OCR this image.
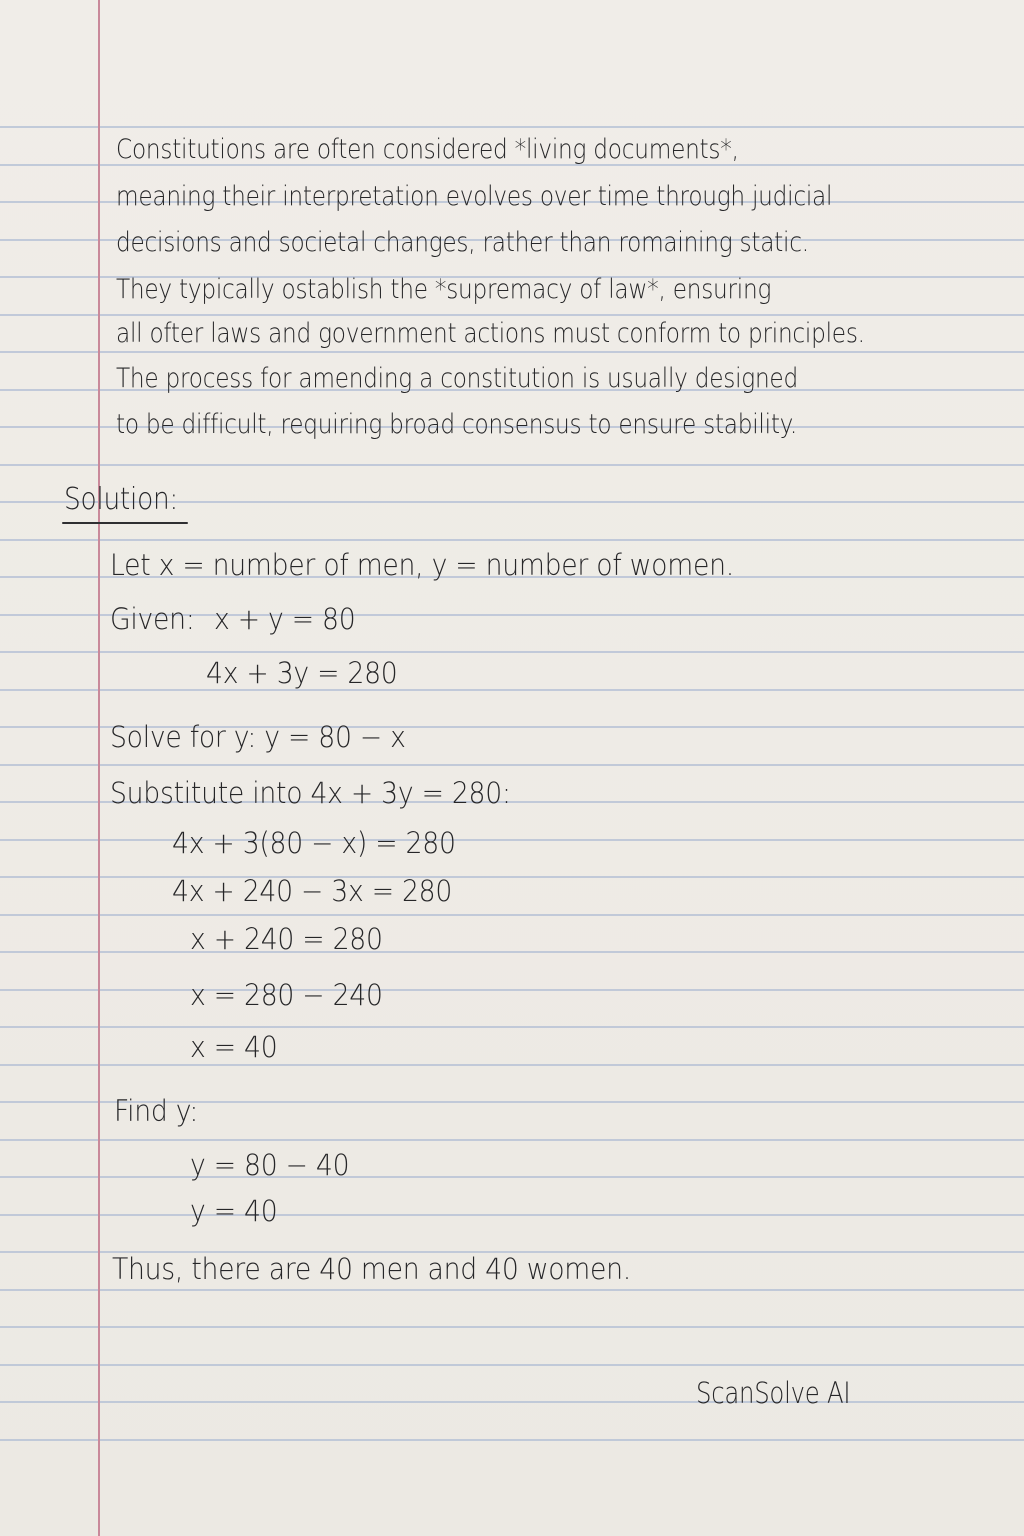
Constitutions are often considered *living documents*,
meaning their interpretation evolves over time through judicial
decisions and societal changes, rather than romaining static.
They typically ostablish the *supremacy of law*, ensuring
all ofter laws and government actions must conform to principles.
The process for amending a constitution is usually designed
to be difficult, requiring broad consensus to ensure stability.
Solution:
Let x = number of men, y = number of women.
Given: x + y = 80
4x + 3y = 280
Solve for y: y = 80 − x
Substitute into 4x + 3y = 280:
4x + 3(80 − x) = 280
4x + 240 − 3x = 280
x + 240 = 280
x = 280 − 240
x = 40
Find y:
y = 80 − 40
y = 40
Thus, there are 40 men and 40 women.
ScanSolve AI
